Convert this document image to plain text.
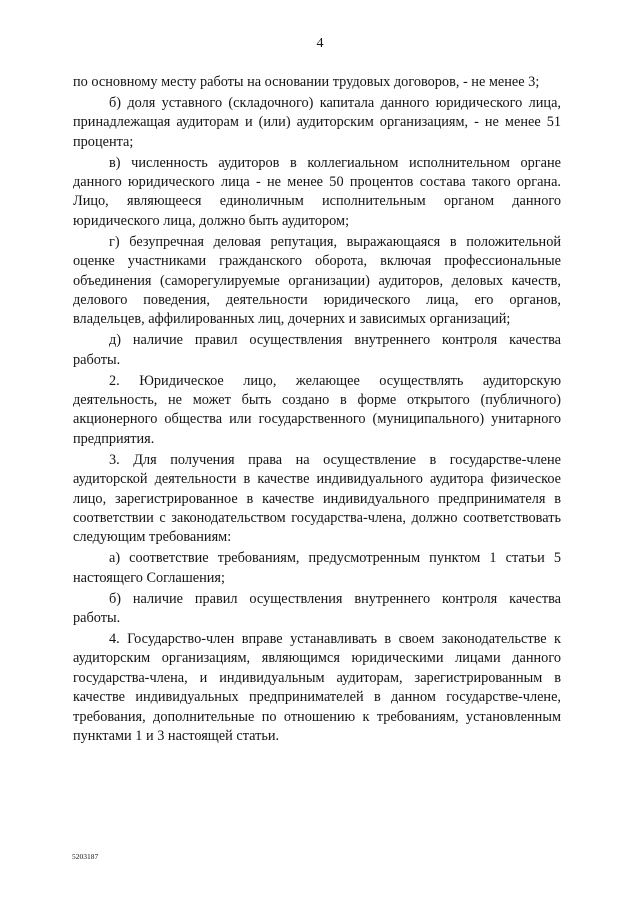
4

по основному месту работы на основании трудовых договоров, - не менее 3;

б) доля уставного (складочного) капитала данного юридического лица, принадлежащая аудиторам и (или) аудиторским организациям, - не менее 51 процента;

в) численность аудиторов в коллегиальном исполнительном органе данного юридического лица - не менее 50 процентов состава такого органа. Лицо, являющееся единоличным исполнительным органом данного юридического лица, должно быть аудитором;

г) безупречная деловая репутация, выражающаяся в положительной оценке участниками гражданского оборота, включая профессиональные объединения (саморегулируемые организации) аудиторов, деловых качеств, делового поведения, деятельности юридического лица, его органов, владельцев, аффилированных лиц, дочерних и зависимых организаций;

д) наличие правил осуществления внутреннего контроля качества работы.

2. Юридическое лицо, желающее осуществлять аудиторскую деятельность, не может быть создано в форме открытого (публичного) акционерного общества или государственного (муниципального) унитарного предприятия.

3. Для получения права на осуществление в государстве-члене аудиторской деятельности в качестве индивидуального аудитора физическое лицо, зарегистрированное в качестве индивидуального предпринимателя в соответствии с законодательством государства-члена, должно соответствовать следующим требованиям:

а) соответствие требованиям, предусмотренным пунктом 1 статьи 5 настоящего Соглашения;

б) наличие правил осуществления внутреннего контроля качества работы.

4. Государство-член вправе устанавливать в своем законодательстве к аудиторским организациям, являющимся юридическими лицами данного государства-члена, и индивидуальным аудиторам, зарегистрированным в качестве индивидуальных предпринимателей в данном государстве-члене, требования, дополнительные по отношению к требованиям, установленным пунктами 1 и 3 настоящей статьи.

5203187
